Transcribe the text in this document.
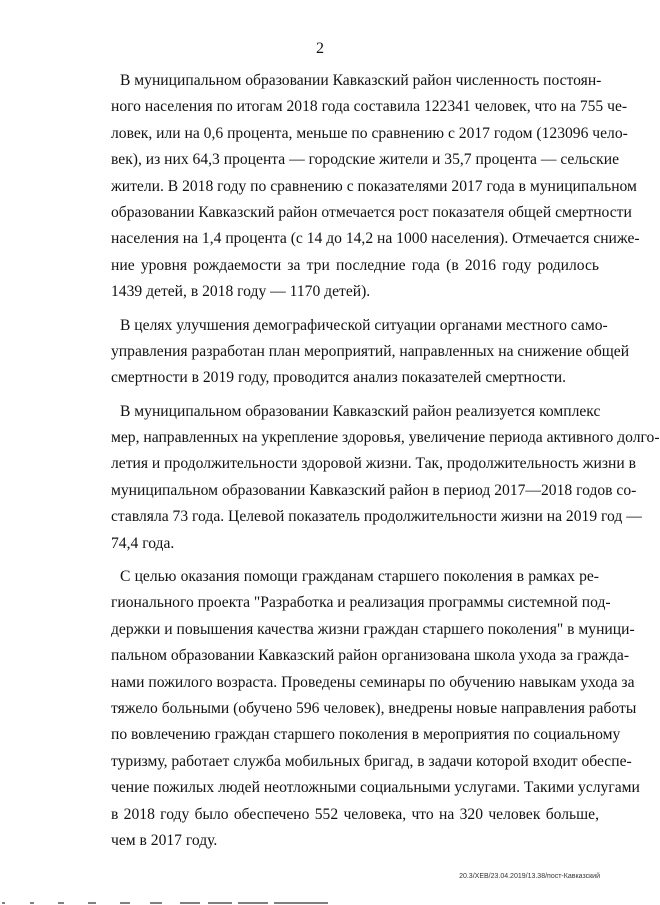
2
В муниципальном образовании Кавказский район численность постоян-
ного населения по итогам 2018 года составила 122341 человек, что на 755 че-
ловек, или на 0,6 процента, меньше по сравнению с 2017 годом (123096 чело-
век), из них 64,3 процента — городские жители и 35,7 процента — сельские
жители. В 2018 году по сравнению с показателями 2017 года в муниципальном
образовании Кавказский район отмечается рост показателя общей смертности
населения на 1,4 процента (с 14 до 14,2 на 1000 населения). Отмечается сниже-
ние уровня рождаемости за три последние года (в 2016 году родилось
1439 детей, в 2018 году — 1170 детей).
В целях улучшения демографической ситуации органами местного само-
управления разработан план мероприятий, направленных на снижение общей
смертности в 2019 году, проводится анализ показателей смертности.
В муниципальном образовании Кавказский район реализуется комплекс
мер, направленных на укрепление здоровья, увеличение периода активного долго-
летия и продолжительности здоровой жизни. Так, продолжительность жизни в
муниципальном образовании Кавказский район в период 2017—2018 годов со-
ставляла 73 года. Целевой показатель продолжительности жизни на 2019 год —
74,4 года.
С целью оказания помощи гражданам старшего поколения в рамках ре-
гионального проекта "Разработка и реализация программы системной под-
держки и повышения качества жизни граждан старшего поколения" в муници-
пальном образовании Кавказский район организована школа ухода за гражда-
нами пожилого возраста. Проведены семинары по обучению навыкам ухода за
тяжело больными (обучено 596 человек), внедрены новые направления работы
по вовлечению граждан старшего поколения в мероприятия по социальному
туризму, работает служба мобильных бригад, в задачи которой входит обеспе-
чение пожилых людей неотложными социальными услугами. Такими услугами
в 2018 году было обеспечено 552 человека, что на 320 человек больше,
чем в 2017 году.
20.3/ХЕВ/23.04.2019/13.38/пост-Кавказский
